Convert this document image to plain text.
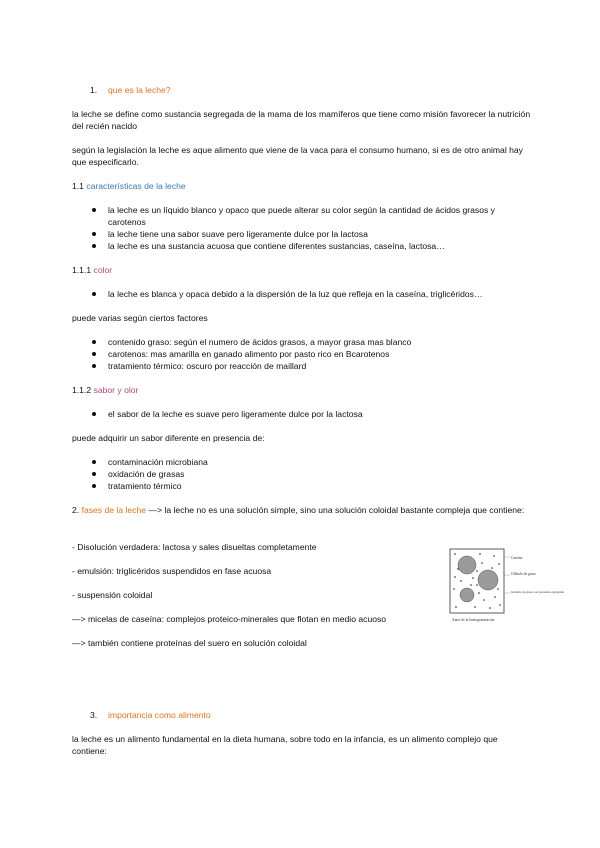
1. que es la leche?
la leche se define como sustancia segregada de la mama de los mamíferos que tiene como misión favorecer la nutrición del recién nacido
según la legislación la leche es aque alimento que viene de la vaca para el consumo humano, si es de otro animal hay que especificarlo.
1.1 características de la leche
la leche es un líquido blanco y opaco que puede alterar su color según la cantidad de ácidos grasos y carotenos
la leche tiene una sabor suave pero ligeramente dulce por la lactosa
la leche es una sustancia acuosa que contiene diferentes sustancias, caseína, lactosa…
1.1.1 color
la leche es blanca y opaca debido a la dispersión de la luz que refleja en la caseína, triglicéridos…
puede varias según ciertos factores
contenido graso: según el numero de ácidos grasos, a mayor grasa mas blanco
carotenos: mas amarilla en ganado alimento por pasto rico en Bcarotenos
tratamiento térmico: oscuro por reacción de maillard
1.1.2 sabor y olor
el sabor de la leche es suave pero ligeramente dulce por la lactosa
puede adquirir un sabor diferente en presencia de:
contaminación microbiana
oxidación de grasas
tratamiento térmico
2. fases de la leche —> la leche no es una solución simple, sino una solución coloidal bastante compleja que contiene:
- Disolución verdadera: lactosa y sales disueltas completamente
- emulsión: triglicéridos suspendidos en fase acuosa
- suspensión coloidal
—> micelas de caseína: complejos proteico-minerales que flotan en medio acuoso
—> también contiene proteínas del suero en solución coloidal
Caseína
Glóbulo de grasa
Glóbulo de grasa con proteínas agregadas
Antes de la homogeneización
3. importancia como alimento
la leche es un alimento fundamental en la dieta humana, sobre todo en la infancia, es un alimento complejo que contiene:
